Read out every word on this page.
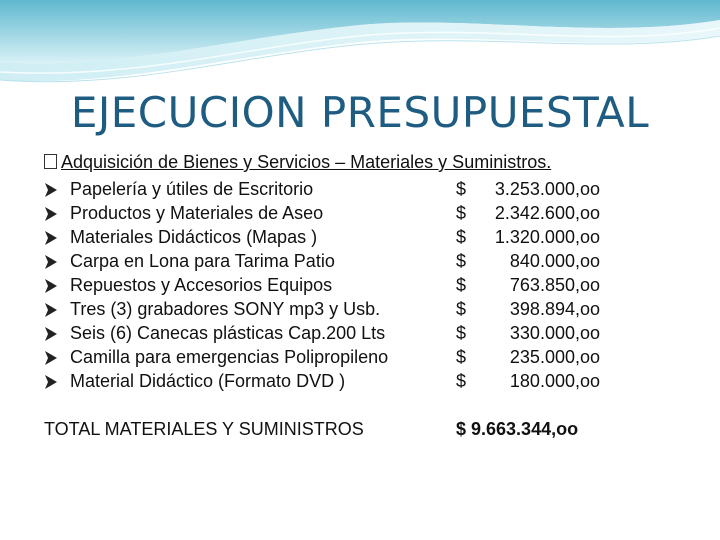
EJECUCION PRESUPUESTAL
Adquisición de Bienes y Servicios – Materiales y Suministros.
Papelería y útiles de Escritorio	$ 3.253.000,oo
Productos y Materiales de Aseo	$ 2.342.600,oo
Materiales Didácticos (Mapas )	$ 1.320.000,oo
Carpa en Lona para Tarima Patio	$ 840.000,oo
Repuestos y Accesorios Equipos	$ 763.850,oo
Tres (3) grabadores SONY mp3 y Usb.	$ 398.894,oo
Seis (6) Canecas plásticas Cap.200 Lts	$ 330.000,oo
Camilla para emergencias Polipropileno	$ 235.000,oo
Material Didáctico (Formato DVD )	$ 180.000,oo
TOTAL MATERIALES Y SUMINISTROS	$ 9.663.344,oo
